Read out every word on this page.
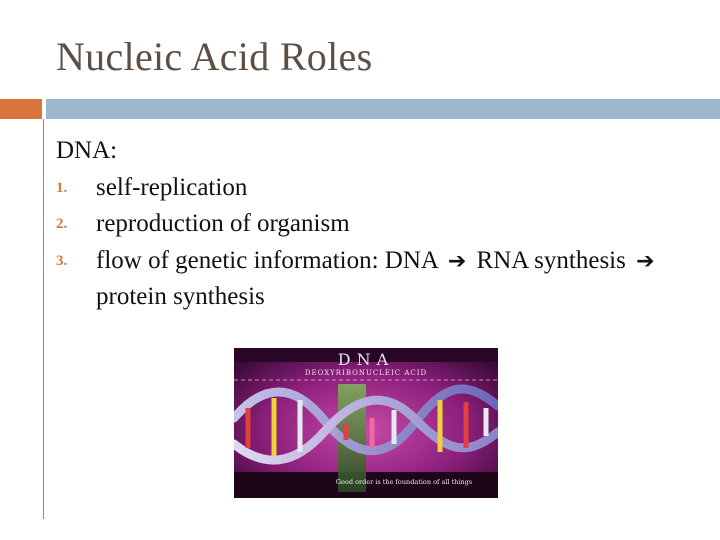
Nucleic Acid Roles
DNA:
1. self-replication
2. reproduction of organism
3. flow of genetic information: DNA ➔ RNA synthesis ➔ protein synthesis
DNA
DEOXYRIBONUCLEIC ACID
Good order is the foundation of all things
